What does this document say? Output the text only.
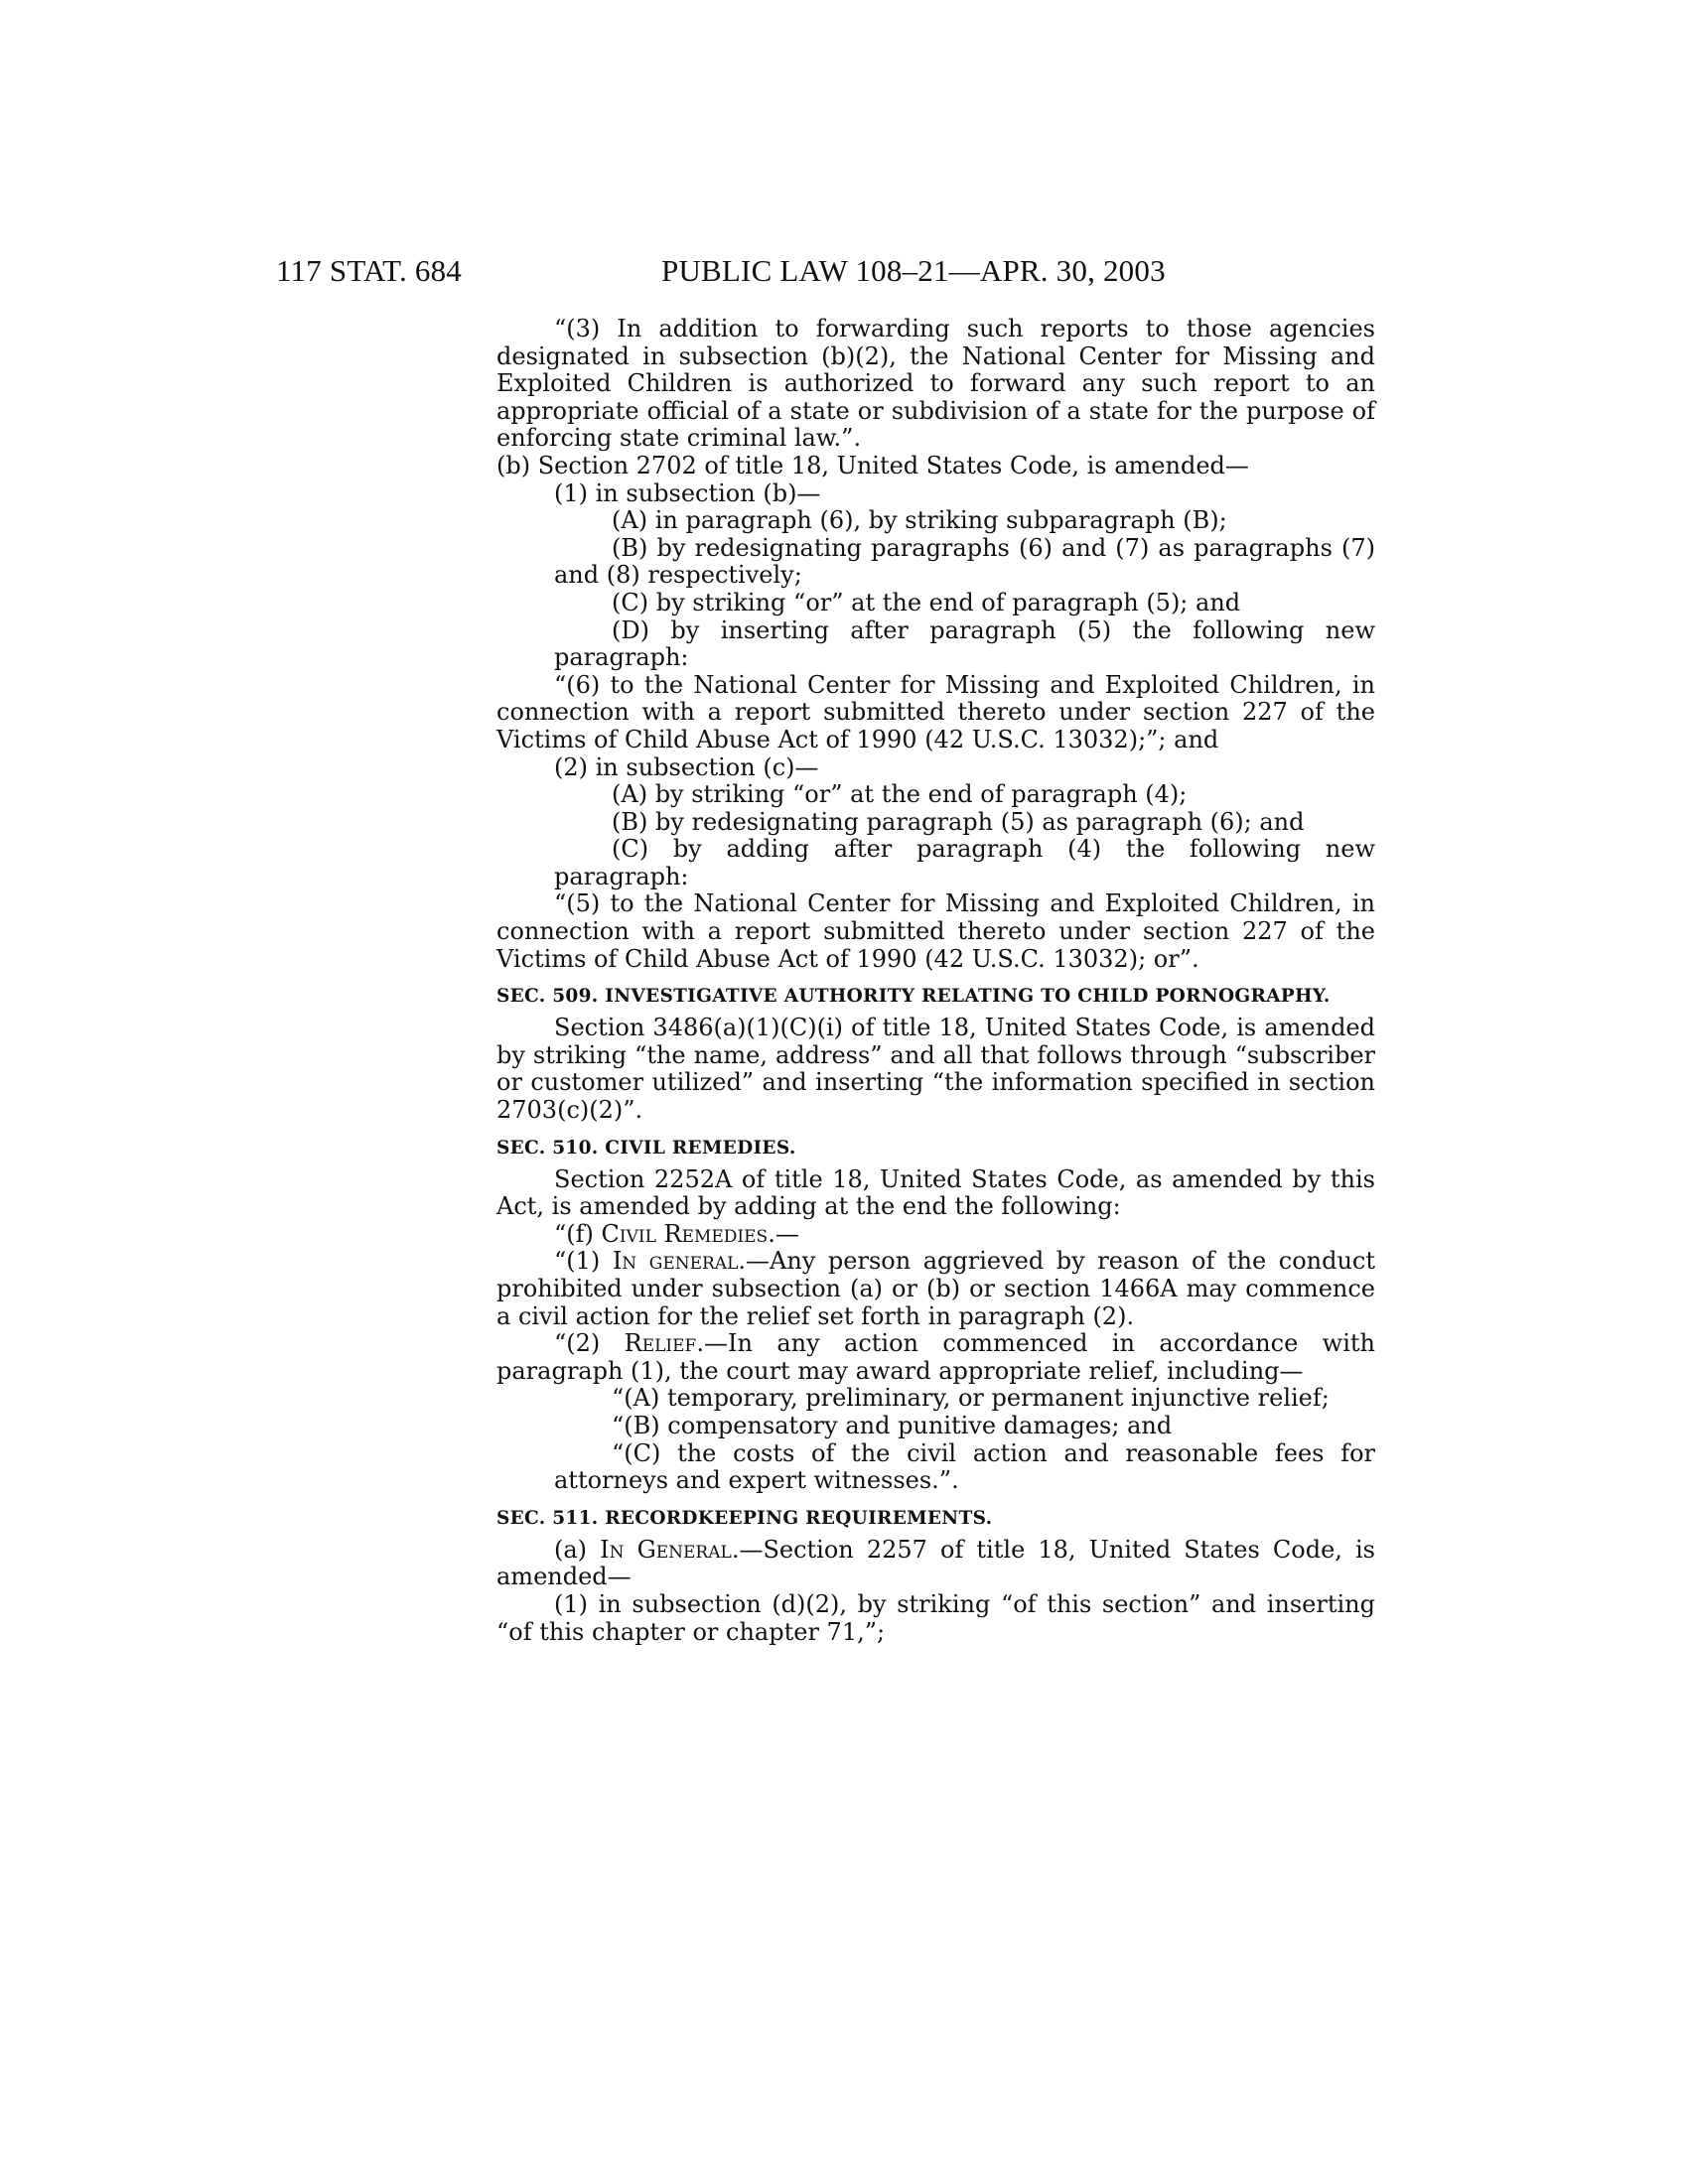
117 STAT. 684	PUBLIC LAW 108–21—APR. 30, 2003

“(3) In addition to forwarding such reports to those agencies designated in subsection (b)(2), the National Center for Missing and Exploited Children is authorized to forward any such report to an appropriate official of a state or subdivision of a state for the purpose of enforcing state criminal law.”.

(b) Section 2702 of title 18, United States Code, is amended—

(1) in subsection (b)—

(A) in paragraph (6), by striking subparagraph (B);

(B) by redesignating paragraphs (6) and (7) as paragraphs (7) and (8) respectively;

(C) by striking “or” at the end of paragraph (5); and

(D) by inserting after paragraph (5) the following new paragraph:

“(6) to the National Center for Missing and Exploited Children, in connection with a report submitted thereto under section 227 of the Victims of Child Abuse Act of 1990 (42 U.S.C. 13032);”; and

(2) in subsection (c)—

(A) by striking “or” at the end of paragraph (4);

(B) by redesignating paragraph (5) as paragraph (6); and

(C) by adding after paragraph (4) the following new paragraph:

“(5) to the National Center for Missing and Exploited Children, in connection with a report submitted thereto under section 227 of the Victims of Child Abuse Act of 1990 (42 U.S.C. 13032); or”.

SEC. 509. INVESTIGATIVE AUTHORITY RELATING TO CHILD PORNOGRAPHY.

Section 3486(a)(1)(C)(i) of title 18, United States Code, is amended by striking “the name, address” and all that follows through “subscriber or customer utilized” and inserting “the information specified in section 2703(c)(2)”.

SEC. 510. CIVIL REMEDIES.

Section 2252A of title 18, United States Code, as amended by this Act, is amended by adding at the end the following:

“(f) Civil Remedies.—

“(1) In general.—Any person aggrieved by reason of the conduct prohibited under subsection (a) or (b) or section 1466A may commence a civil action for the relief set forth in paragraph (2).

“(2) Relief.—In any action commenced in accordance with paragraph (1), the court may award appropriate relief, including—

“(A) temporary, preliminary, or permanent injunctive relief;

“(B) compensatory and punitive damages; and

“(C) the costs of the civil action and reasonable fees for attorneys and expert witnesses.”.

SEC. 511. RECORDKEEPING REQUIREMENTS.

(a) In General.—Section 2257 of title 18, United States Code, is amended—

(1) in subsection (d)(2), by striking “of this section” and inserting “of this chapter or chapter 71,”;
